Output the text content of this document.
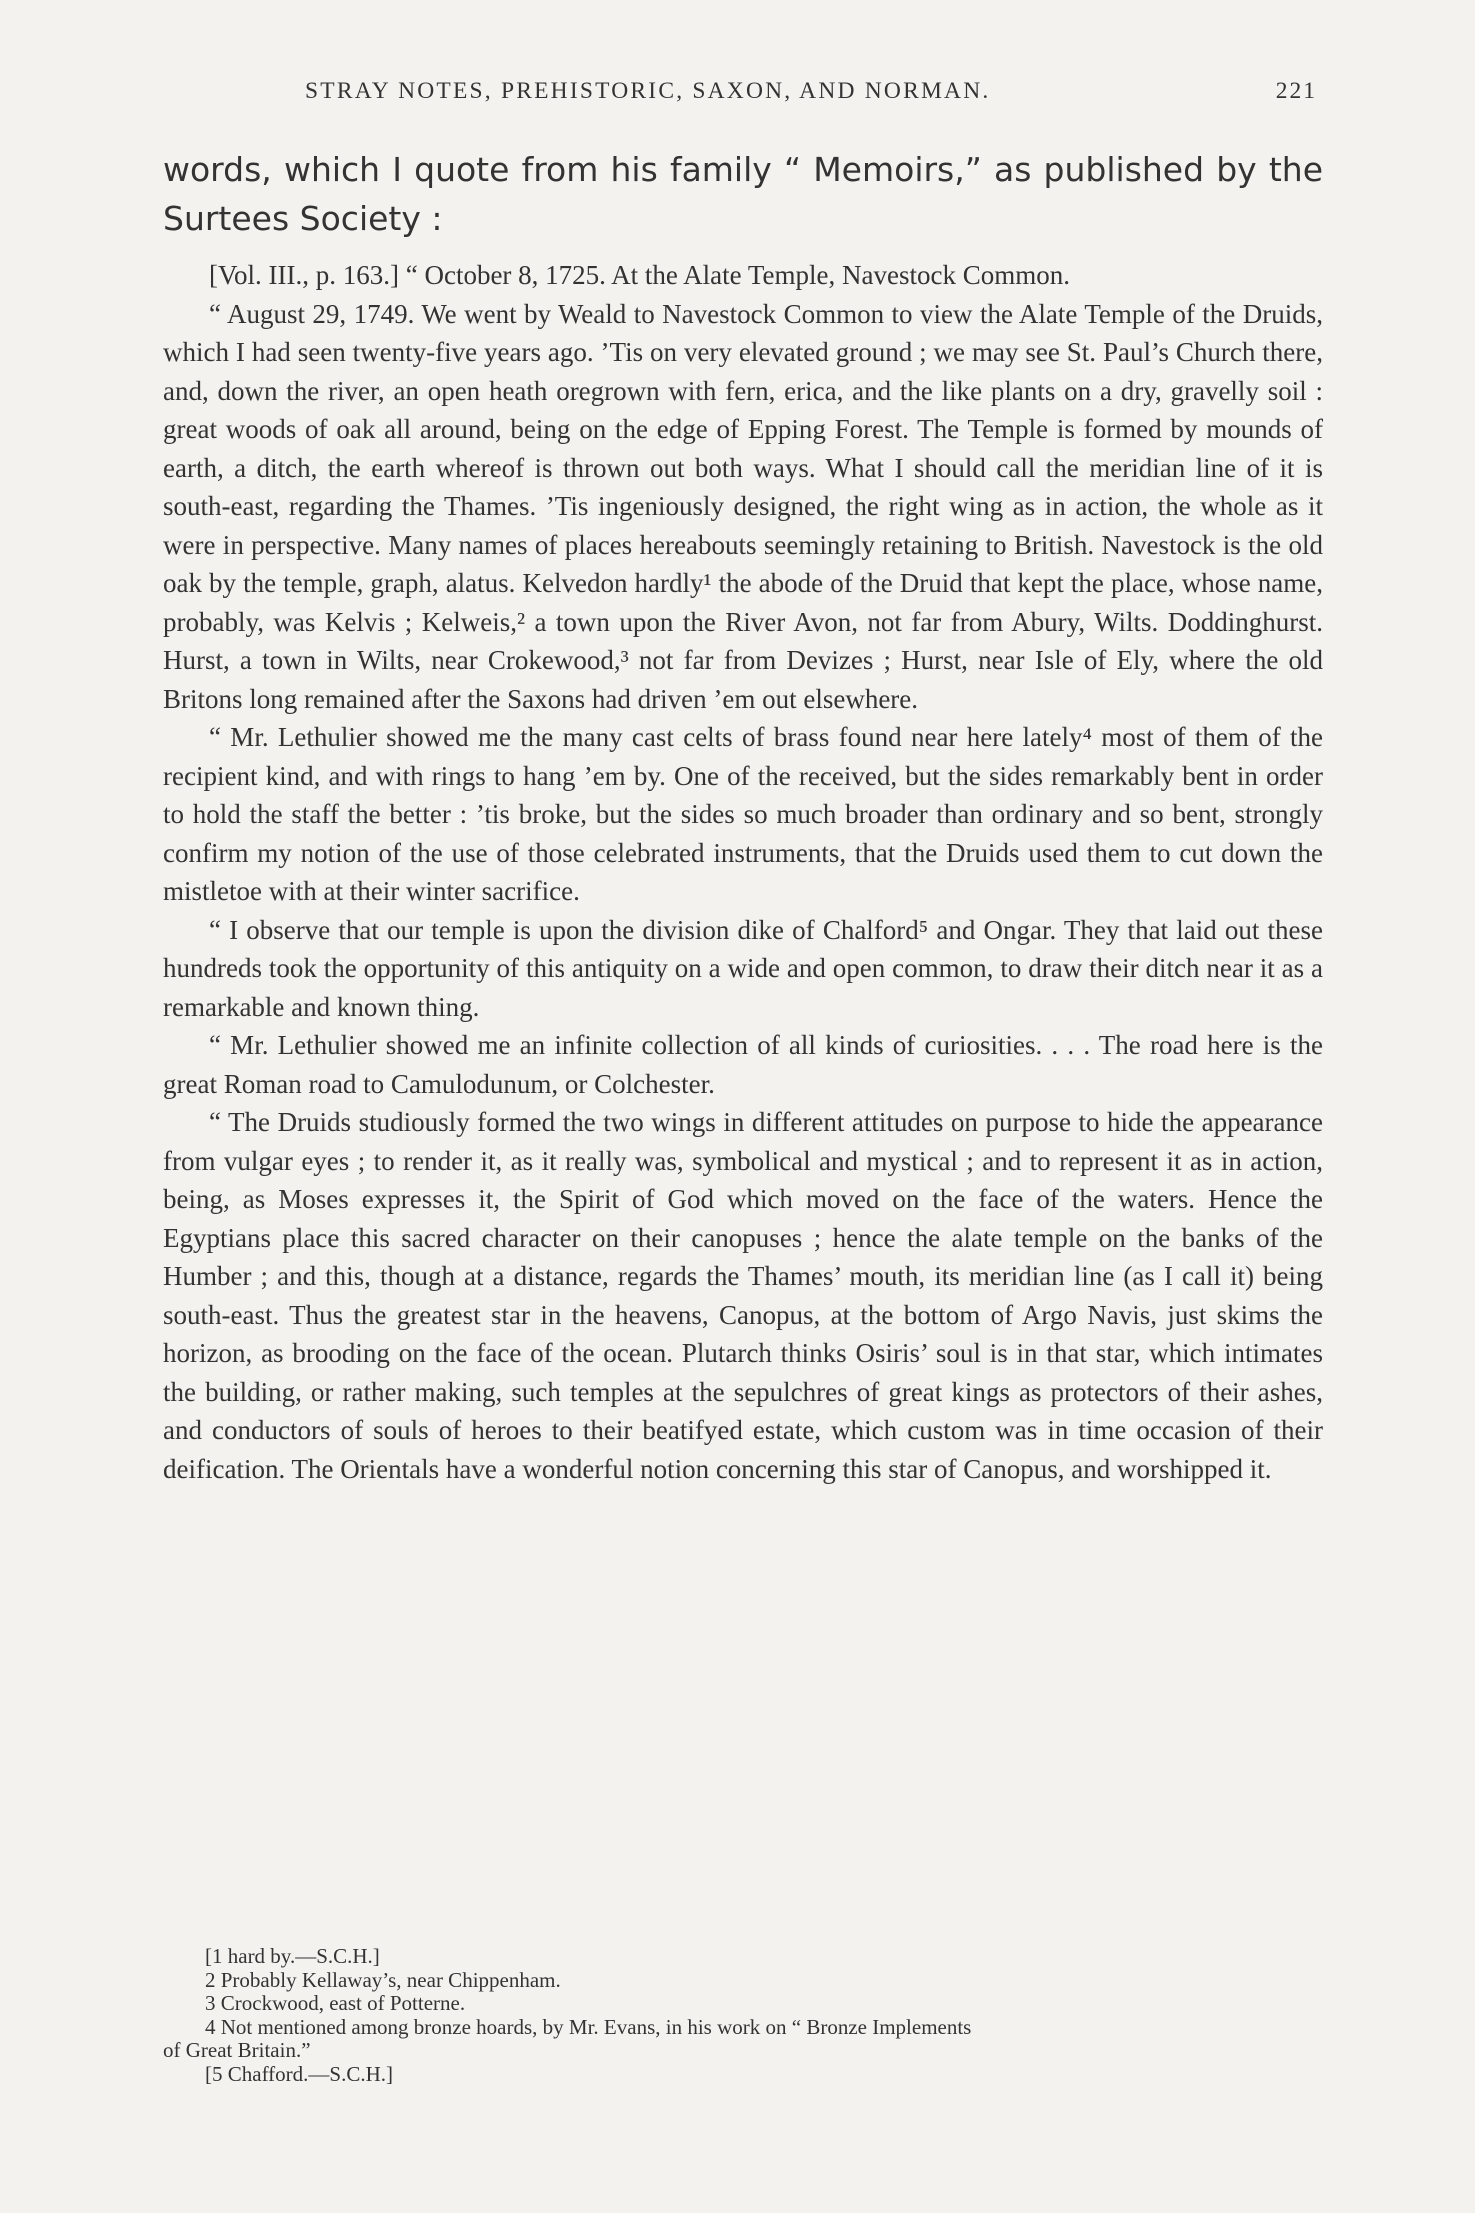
STRAY NOTES, PREHISTORIC, SAXON, AND NORMAN.	221

words, which I quote from his family “ Memoirs,” as published by the Surtees Society :

[Vol. III., p. 163.] “ October 8, 1725. At the Alate Temple, Navestock Common.

“ August 29, 1749. We went by Weald to Navestock Common to view the Alate Temple of the Druids, which I had seen twenty-five years ago. ’Tis on very elevated ground ; we may see St. Paul’s Church there, and, down the river, an open heath oregrown with fern, erica, and the like plants on a dry, gravelly soil : great woods of oak all around, being on the edge of Epping Forest. The Temple is formed by mounds of earth, a ditch, the earth whereof is thrown out both ways. What I should call the meridian line of it is south-east, regarding the Thames. ’Tis ingeniously designed, the right wing as in action, the whole as it were in perspective. Many names of places hereabouts seemingly retaining to British. Navestock is the old oak by the temple, graph, alatus. Kelvedon hardly¹ the abode of the Druid that kept the place, whose name, probably, was Kelvis ; Kelweis,² a town upon the River Avon, not far from Abury, Wilts. Doddinghurst. Hurst, a town in Wilts, near Crokewood,³ not far from Devizes ; Hurst, near Isle of Ely, where the old Britons long remained after the Saxons had driven ’em out elsewhere.

“ Mr. Lethulier showed me the many cast celts of brass found near here lately⁴ most of them of the recipient kind, and with rings to hang ’em by. One of the received, but the sides remarkably bent in order to hold the staff the better : ’tis broke, but the sides so much broader than ordinary and so bent, strongly confirm my notion of the use of those celebrated instruments, that the Druids used them to cut down the mistletoe with at their winter sacrifice.

“ I observe that our temple is upon the division dike of Chalford⁵ and Ongar. They that laid out these hundreds took the opportunity of this antiquity on a wide and open common, to draw their ditch near it as a remarkable and known thing.

“ Mr. Lethulier showed me an infinite collection of all kinds of curiosities. . . . The road here is the great Roman road to Camulodunum, or Colchester.

“ The Druids studiously formed the two wings in different attitudes on purpose to hide the appearance from vulgar eyes ; to render it, as it really was, symbolical and mystical ; and to represent it as in action, being, as Moses expresses it, the Spirit of God which moved on the face of the waters. Hence the Egyptians place this sacred character on their canopuses ; hence the alate temple on the banks of the Humber ; and this, though at a distance, regards the Thames’ mouth, its meridian line (as I call it) being south-east. Thus the greatest star in the heavens, Canopus, at the bottom of Argo Navis, just skims the horizon, as brooding on the face of the ocean. Plutarch thinks Osiris’ soul is in that star, which intimates the building, or rather making, such temples at the sepulchres of great kings as protectors of their ashes, and conductors of souls of heroes to their beatifyed estate, which custom was in time occasion of their deification. The Orientals have a wonderful notion concerning this star of Canopus, and worshipped it.

[1 hard by.—S.C.H.]

2 Probably Kellaway’s, near Chippenham.

3 Crockwood, east of Potterne.

4 Not mentioned among bronze hoards, by Mr. Evans, in his work on “ Bronze Implements

of Great Britain.”

[5 Chafford.—S.C.H.]
